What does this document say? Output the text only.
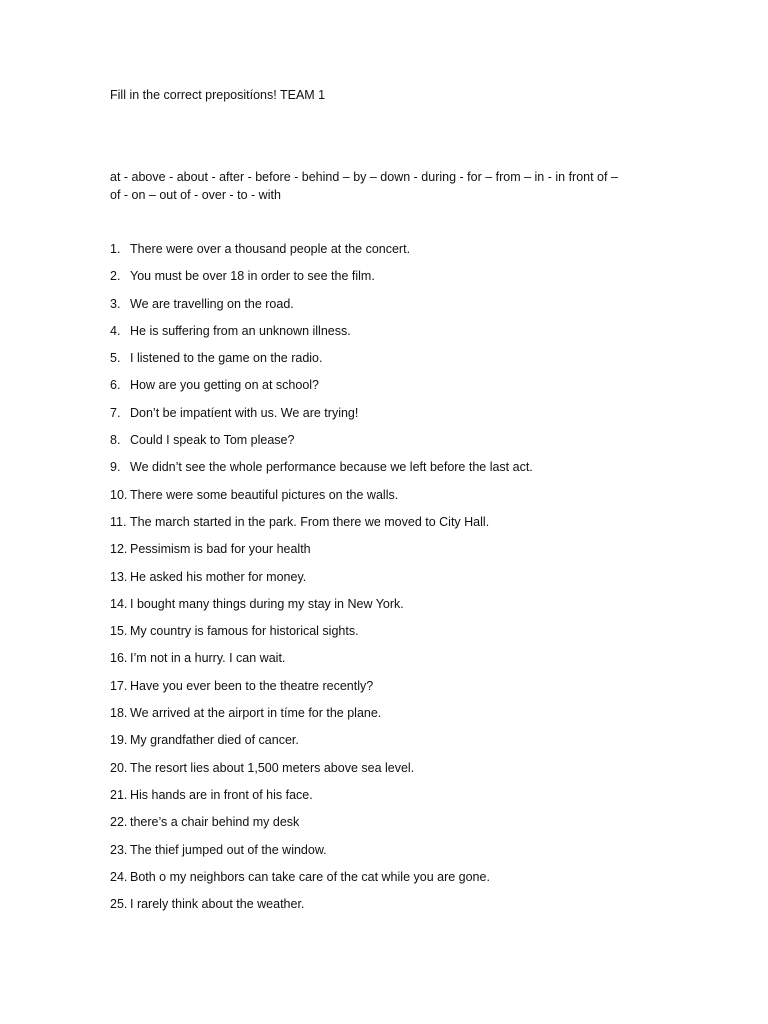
Fill in the correct prepositíons! TEAM 1
at - above - about - after - before - behind – by – down - during - for – from – in - in front of –
of - on – out of - over - to - with
1. There were over a thousand people at the concert.
2. You must be over 18 in order to see the film.
3. We are travelling on the road.
4. He is suffering from an unknown illness.
5. I listened to the game on the radio.
6. How are you getting on at school?
7. Don’t be impatíent with us. We are trying!
8. Could I speak to Tom please?
9. We didn’t see the whole performance because we left before the last act.
10. There were some beautiful pictures on the walls.
11. The march started in the park. From there we moved to City Hall.
12. Pessimism is bad for your health
13. He asked his mother for money.
14. I bought many things during my stay in New York.
15. My country is famous for historical sights.
16. I’m not in a hurry. I can wait.
17. Have you ever been to the theatre recently?
18. We arrived at the airport in tíme for the plane.
19. My grandfather died of cancer.
20. The resort lies about 1,500 meters above sea level.
21. His hands are in front of his face.
22. there’s a chair behind my desk
23. The thief jumped out of the window.
24. Both o my neighbors can take care of the cat while you are gone.
25. I rarely think about the weather.
